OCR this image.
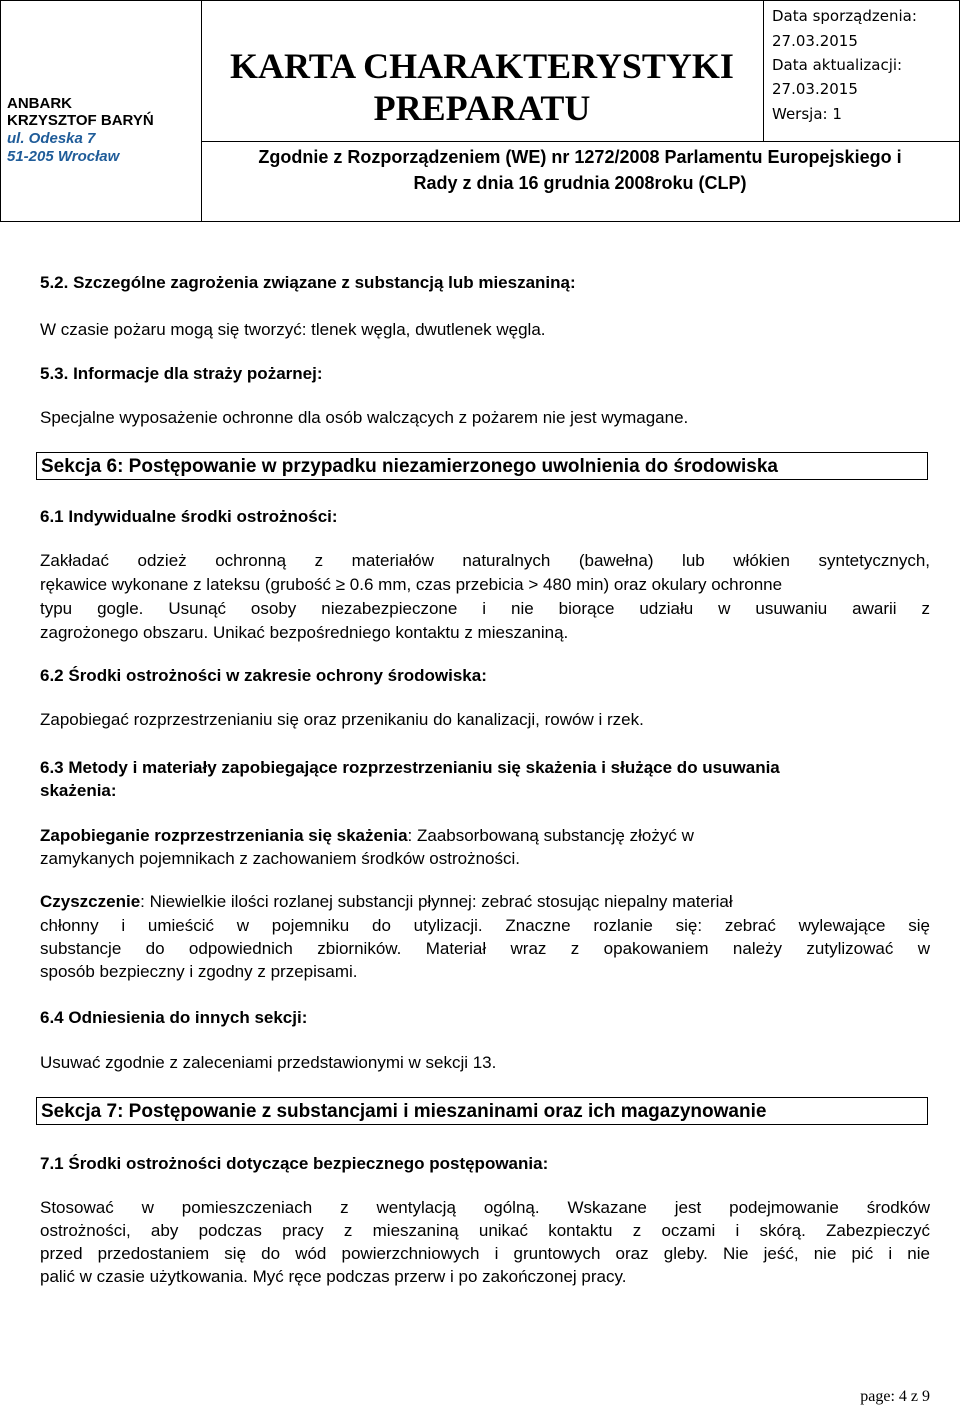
ANBARK
KRZYSZTOF BARYŃ
ul. Odeska 7
51-205 Wrocław
KARTA CHARAKTERYSTYKI
PREPARATU
Data sporządzenia:
27.03.2015
Data aktualizacji:
27.03.2015
Wersja: 1
Zgodnie z Rozporządzeniem (WE) nr 1272/2008 Parlamentu Europejskiego i
Rady z dnia 16 grudnia 2008roku (CLP)
5.2. Szczególne zagrożenia związane z substancją lub mieszaniną:
W czasie pożaru mogą się tworzyć: tlenek węgla, dwutlenek węgla.
5.3. Informacje dla straży pożarnej:
Specjalne wyposażenie ochronne dla osób walczących z pożarem nie jest wymagane.
Sekcja 6: Postępowanie w przypadku niezamierzonego uwolnienia do środowiska
6.1 Indywidualne środki ostrożności:
Zakładać odzież ochronną z materiałów naturalnych (bawełna) lub włókien syntetycznych,
rękawice wykonane z lateksu (grubość ≥ 0.6 mm, czas przebicia > 480 min) oraz okulary ochronne
typu gogle. Usunąć osoby niezabezpieczone i nie biorące udziału w usuwaniu awarii z
zagrożonego obszaru. Unikać bezpośredniego kontaktu z mieszaniną.
6.2 Środki ostrożności w zakresie ochrony środowiska:
Zapobiegać rozprzestrzenianiu się oraz przenikaniu do kanalizacji, rowów i rzek.
6.3 Metody i materiały zapobiegające rozprzestrzenianiu się skażenia i służące do usuwania
skażenia:
Zapobieganie rozprzestrzeniania się skażenia: Zaabsorbowaną substancję złożyć w
zamykanych pojemnikach z zachowaniem środków ostrożności.
Czyszczenie: Niewielkie ilości rozlanej substancji płynnej: zebrać stosując niepalny materiał
chłonny i umieścić w pojemniku do utylizacji. Znaczne rozlanie się: zebrać wylewające się
substancje do odpowiednich zbiorników. Materiał wraz z opakowaniem należy zutylizować w
sposób bezpieczny i zgodny z przepisami.
6.4 Odniesienia do innych sekcji:
Usuwać zgodnie z zaleceniami przedstawionymi w sekcji 13.
Sekcja 7: Postępowanie z substancjami i mieszaninami oraz ich magazynowanie
7.1 Środki ostrożności dotyczące bezpiecznego postępowania:
Stosować w pomieszczeniach z wentylacją ogólną. Wskazane jest podejmowanie środków
ostrożności, aby podczas pracy z mieszaniną unikać kontaktu z oczami i skórą. Zabezpieczyć
przed przedostaniem się do wód powierzchniowych i gruntowych oraz gleby. Nie jeść, nie pić i nie
palić w czasie użytkowania. Myć ręce podczas przerw i po zakończonej pracy.
page: 4 z 9
